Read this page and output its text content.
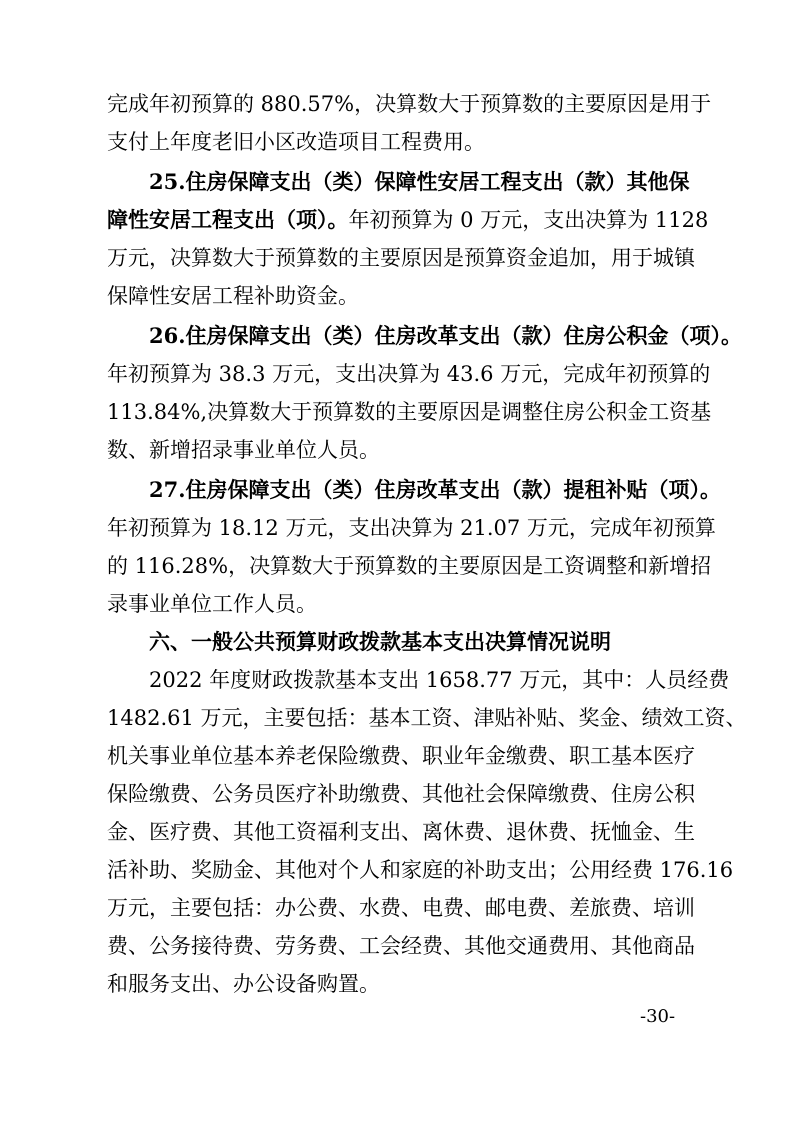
完成年初预算的 880.57%，决算数大于预算数的主要原因是用于
支付上年度老旧小区改造项目工程费用。
25.住房保障支出（类）保障性安居工程支出（款）其他保
障性安居工程支出（项）。年初预算为 0 万元，支出决算为 1128
万元，决算数大于预算数的主要原因是预算资金追加，用于城镇
保障性安居工程补助资金。
26.住房保障支出（类）住房改革支出（款）住房公积金（项）。
年初预算为 38.3 万元，支出决算为 43.6 万元，完成年初预算的
113.84%,决算数大于预算数的主要原因是调整住房公积金工资基
数、新增招录事业单位人员。
27.住房保障支出（类）住房改革支出（款）提租补贴（项）。
年初预算为 18.12 万元，支出决算为 21.07 万元，完成年初预算
的 116.28%，决算数大于预算数的主要原因是工资调整和新增招
录事业单位工作人员。
六、一般公共预算财政拨款基本支出决算情况说明
2022 年度财政拨款基本支出 1658.77 万元，其中：人员经费
1482.61 万元，主要包括：基本工资、津贴补贴、奖金、绩效工资、
机关事业单位基本养老保险缴费、职业年金缴费、职工基本医疗
保险缴费、公务员医疗补助缴费、其他社会保障缴费、住房公积
金、医疗费、其他工资福利支出、离休费、退休费、抚恤金、生
活补助、奖励金、其他对个人和家庭的补助支出；公用经费 176.16
万元，主要包括：办公费、水费、电费、邮电费、差旅费、培训
费、公务接待费、劳务费、工会经费、其他交通费用、其他商品
和服务支出、办公设备购置。
-30-
